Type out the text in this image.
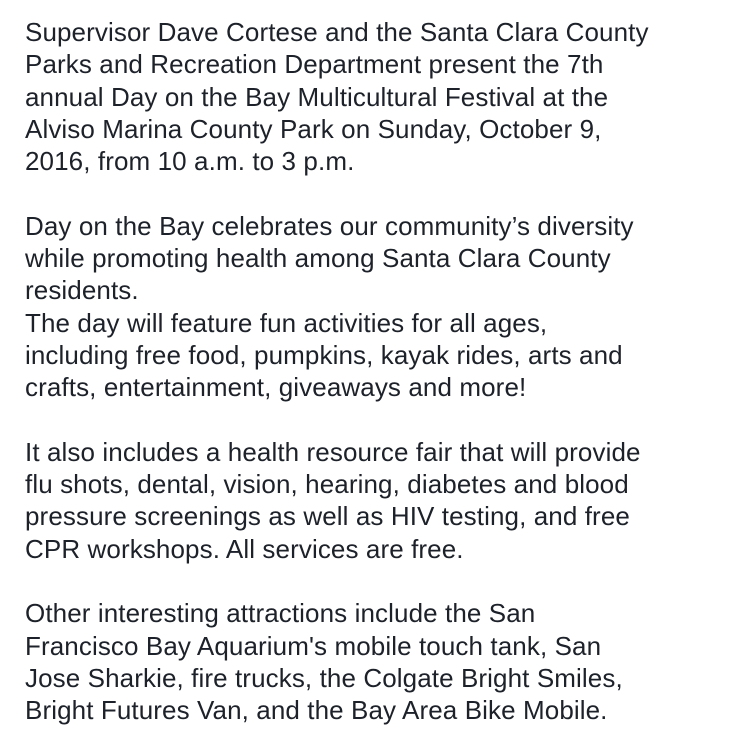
Supervisor Dave Cortese and the Santa Clara County
Parks and Recreation Department present the 7th
annual Day on the Bay Multicultural Festival at the
Alviso Marina County Park on Sunday, October 9,
2016, from 10 a.m. to 3 p.m.

Day on the Bay celebrates our community’s diversity
while promoting health among Santa Clara County
residents.
The day will feature fun activities for all ages,
including free food, pumpkins, kayak rides, arts and
crafts, entertainment, giveaways and more!

It also includes a health resource fair that will provide
flu shots, dental, vision, hearing, diabetes and blood
pressure screenings as well as HIV testing, and free
CPR workshops. All services are free.

Other interesting attractions include the San
Francisco Bay Aquarium's mobile touch tank, San
Jose Sharkie, fire trucks, the Colgate Bright Smiles,
Bright Futures Van, and the Bay Area Bike Mobile.
